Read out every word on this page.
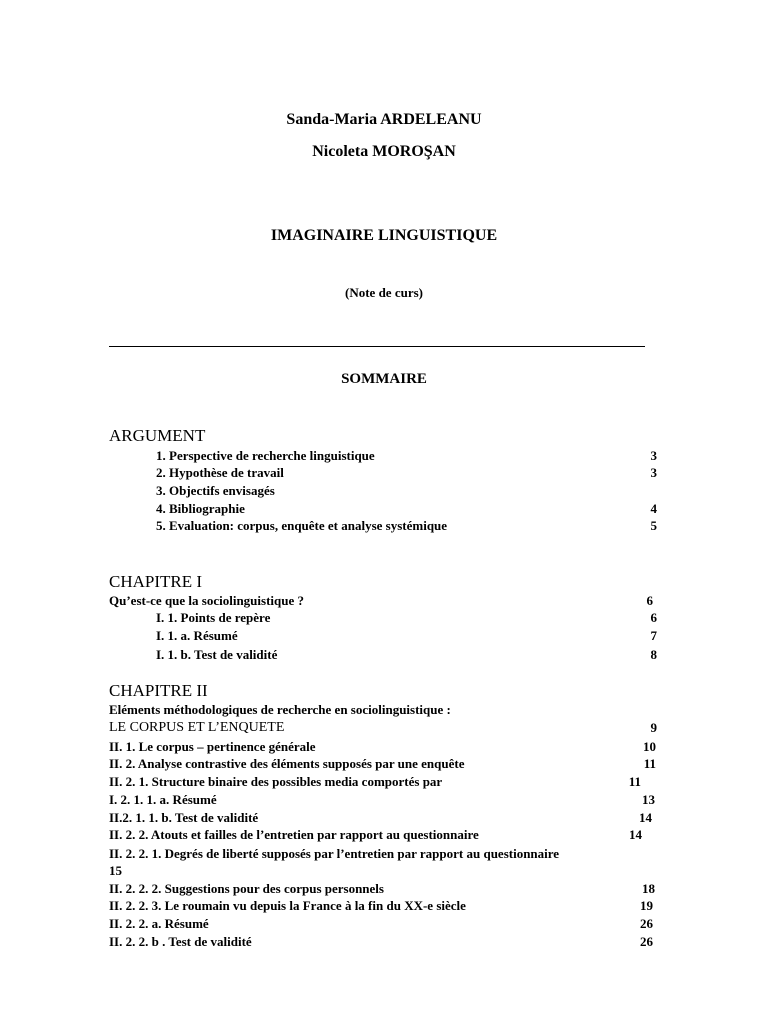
Sanda-Maria ARDELEANU
Nicoleta MOROŞAN
IMAGINAIRE LINGUISTIQUE
(Note de curs)
SOMMAIRE
ARGUMENT
1. Perspective de recherche linguistique	3
2. Hypothèse de travail	3
3. Objectifs envisagés
4. Bibliographie	4
5. Evaluation: corpus, enquête et analyse systémique	5
CHAPITRE I
Qu’est-ce que la sociolinguistique ?	6
I. 1. Points de repère	6
I. 1. a. Résumé	7
I. 1. b. Test de validité	8
CHAPITRE II
Eléments méthodologiques de recherche en sociolinguistique :
LE CORPUS ET L’ENQUETE	9
II. 1. Le corpus – pertinence générale	10
II. 2. Analyse contrastive des éléments supposés par une enquête	11
II. 2. 1. Structure binaire des possibles media comportés par	11
I. 2. 1. 1. a. Résumé	13
II.2. 1. 1. b. Test de validité	14
II. 2. 2. Atouts et failles de l’entretien par rapport au questionnaire	14
II. 2. 2. 1. Degrés de liberté supposés par l’entretien par rapport au questionnaire
15
II. 2. 2. 2. Suggestions pour des corpus personnels	18
II. 2. 2. 3. Le roumain vu depuis la France à la fin du XX-e siècle	19
II. 2. 2. a. Résumé	26
II. 2. 2. b . Test de validité	26
